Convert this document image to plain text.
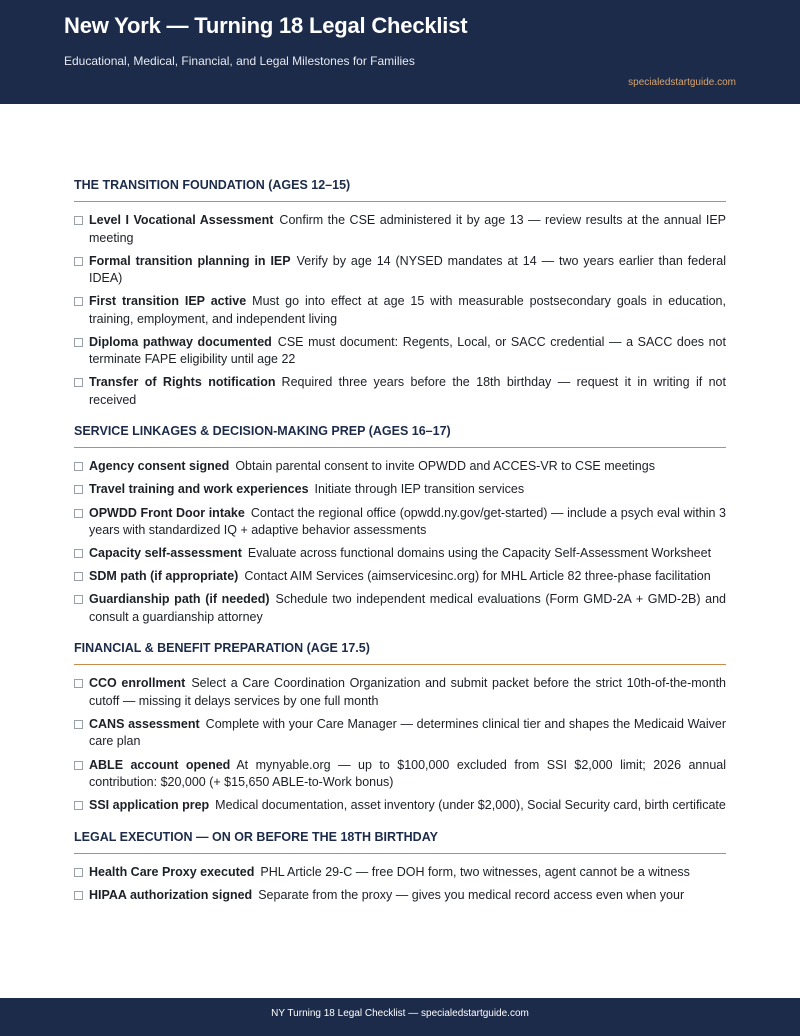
New York — Turning 18 Legal Checklist
Educational, Medical, Financial, and Legal Milestones for Families
specialedstartguide.com
THE TRANSITION FOUNDATION (AGES 12–15)
Level I Vocational Assessment Confirm the CSE administered it by age 13 — review results at the annual IEP meeting
Formal transition planning in IEP Verify by age 14 (NYSED mandates at 14 — two years earlier than federal IDEA)
First transition IEP active Must go into effect at age 15 with measurable postsecondary goals in education, training, employment, and independent living
Diploma pathway documented CSE must document: Regents, Local, or SACC credential — a SACC does not terminate FAPE eligibility until age 22
Transfer of Rights notification Required three years before the 18th birthday — request it in writing if not received
SERVICE LINKAGES & DECISION-MAKING PREP (AGES 16–17)
Agency consent signed Obtain parental consent to invite OPWDD and ACCES-VR to CSE meetings
Travel training and work experiences Initiate through IEP transition services
OPWDD Front Door intake Contact the regional office (opwdd.ny.gov/get-started) — include a psych eval within 3 years with standardized IQ + adaptive behavior assessments
Capacity self-assessment Evaluate across functional domains using the Capacity Self-Assessment Worksheet
SDM path (if appropriate) Contact AIM Services (aimservicesinc.org) for MHL Article 82 three-phase facilitation
Guardianship path (if needed) Schedule two independent medical evaluations (Form GMD-2A + GMD-2B) and consult a guardianship attorney
FINANCIAL & BENEFIT PREPARATION (AGE 17.5)
CCO enrollment Select a Care Coordination Organization and submit packet before the strict 10th-of-the-month cutoff — missing it delays services by one full month
CANS assessment Complete with your Care Manager — determines clinical tier and shapes the Medicaid Waiver care plan
ABLE account opened At mynyable.org — up to $100,000 excluded from SSI $2,000 limit; 2026 annual contribution: $20,000 (+ $15,650 ABLE-to-Work bonus)
SSI application prep Medical documentation, asset inventory (under $2,000), Social Security card, birth certificate
LEGAL EXECUTION — ON OR BEFORE THE 18TH BIRTHDAY
Health Care Proxy executed PHL Article 29-C — free DOH form, two witnesses, agent cannot be a witness
HIPAA authorization signed Separate from the proxy — gives you medical record access even when your
NY Turning 18 Legal Checklist — specialedstartguide.com
